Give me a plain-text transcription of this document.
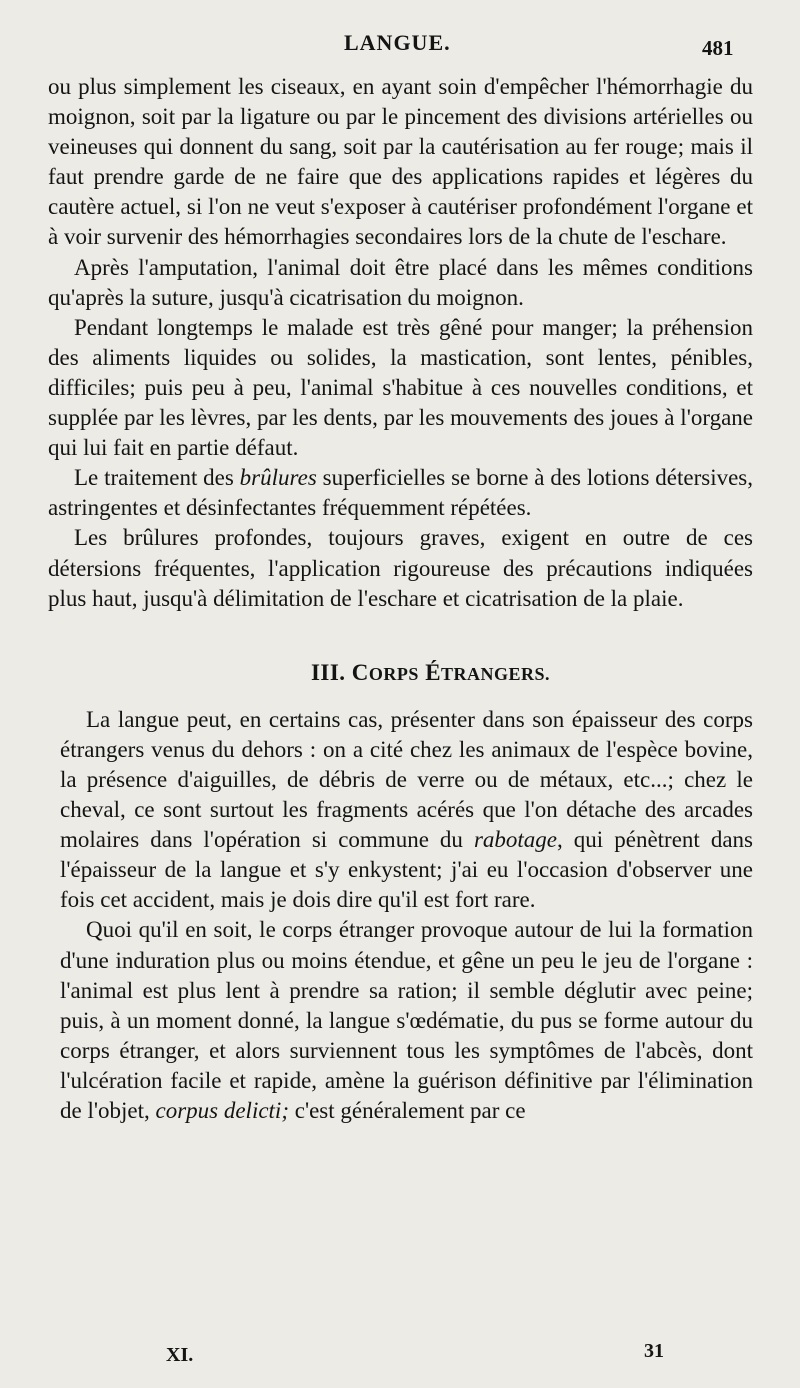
LANGUE.	481

ou plus simplement les ciseaux, en ayant soin d'empêcher l'hémorrhagie du moignon, soit par la ligature ou par le pincement des divisions artérielles ou veineuses qui donnent du sang, soit par la cautérisation au fer rouge; mais il faut prendre garde de ne faire que des applications rapides et légères du cautère actuel, si l'on ne veut s'exposer à cautériser profondément l'organe et à voir survenir des hémorrhagies secondaires lors de la chute de l'eschare.

Après l'amputation, l'animal doit être placé dans les mêmes conditions qu'après la suture, jusqu'à cicatrisation du moignon.

Pendant longtemps le malade est très gêné pour manger; la préhension des aliments liquides ou solides, la mastication, sont lentes, pénibles, difficiles; puis peu à peu, l'animal s'habitue à ces nouvelles conditions, et supplée par les lèvres, par les dents, par les mouvements des joues à l'organe qui lui fait en partie défaut.

Le traitement des brûlures superficielles se borne à des lotions détersives, astringentes et désinfectantes fréquemment répétées.

Les brûlures profondes, toujours graves, exigent en outre de ces détersions fréquentes, l'application rigoureuse des précautions indiquées plus haut, jusqu'à délimitation de l'eschare et cicatrisation de la plaie.

III. CORPS ÉTRANGERS.

La langue peut, en certains cas, présenter dans son épaisseur des corps étrangers venus du dehors : on a cité chez les animaux de l'espèce bovine, la présence d'aiguilles, de débris de verre ou de métaux, etc...; chez le cheval, ce sont surtout les fragments acérés que l'on détache des arcades molaires dans l'opération si commune du rabotage, qui pénètrent dans l'épaisseur de la langue et s'y enkystent; j'ai eu l'occasion d'observer une fois cet accident, mais je dois dire qu'il est fort rare.

Quoi qu'il en soit, le corps étranger provoque autour de lui la formation d'une induration plus ou moins étendue, et gêne un peu le jeu de l'organe : l'animal est plus lent à prendre sa ration; il semble déglutir avec peine; puis, à un moment donné, la langue s'œdématie, du pus se forme autour du corps étranger, et alors surviennent tous les symptômes de l'abcès, dont l'ulcération facile et rapide, amène la guérison définitive par l'élimination de l'objet, corpus delicti; c'est généralement par ce

XI.	31
